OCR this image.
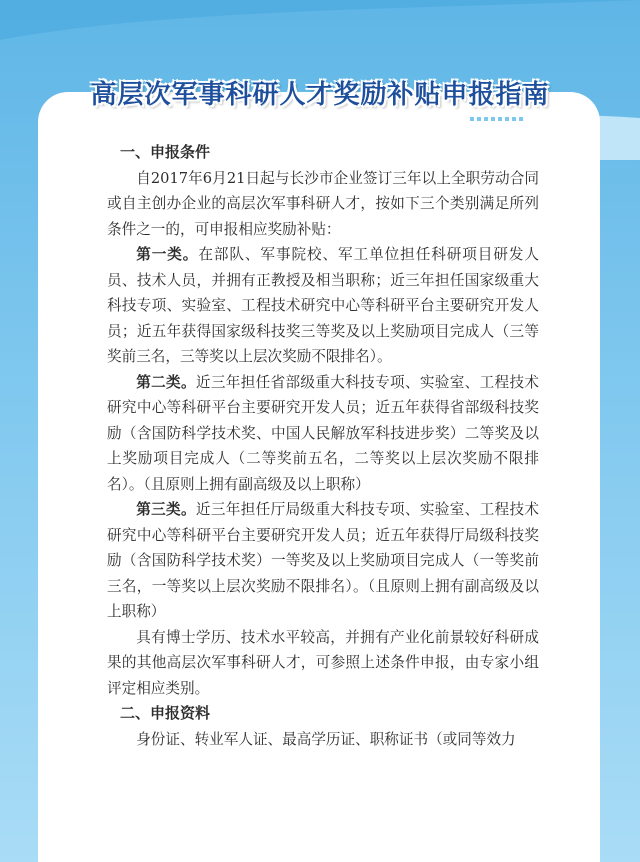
高层次军事科研人才奖励补贴申报指南

一、申报条件

自2017年6月21日起与长沙市企业签订三年以上全职劳动合同或自主创办企业的高层次军事科研人才，按如下三个类别满足所列条件之一的，可申报相应奖励补贴：

第一类。在部队、军事院校、军工单位担任科研项目研发人员、技术人员，并拥有正教授及相当职称；近三年担任国家级重大科技专项、实验室、工程技术研究中心等科研平台主要研究开发人员；近五年获得国家级科技奖三等奖及以上奖励项目完成人（三等奖前三名，三等奖以上层次奖励不限排名）。

第二类。近三年担任省部级重大科技专项、实验室、工程技术研究中心等科研平台主要研究开发人员；近五年获得省部级科技奖励（含国防科学技术奖、中国人民解放军科技进步奖）二等奖及以上奖励项目完成人（二等奖前五名，二等奖以上层次奖励不限排名）。（且原则上拥有副高级及以上职称）

第三类。近三年担任厅局级重大科技专项、实验室、工程技术研究中心等科研平台主要研究开发人员；近五年获得厅局级科技奖励（含国防科学技术奖）一等奖及以上奖励项目完成人（一等奖前三名，一等奖以上层次奖励不限排名）。（且原则上拥有副高级及以上职称）

具有博士学历、技术水平较高，并拥有产业化前景较好科研成果的其他高层次军事科研人才，可参照上述条件申报，由专家小组评定相应类别。

二、申报资料

身份证、转业军人证、最高学历证、职称证书（或同等效力
